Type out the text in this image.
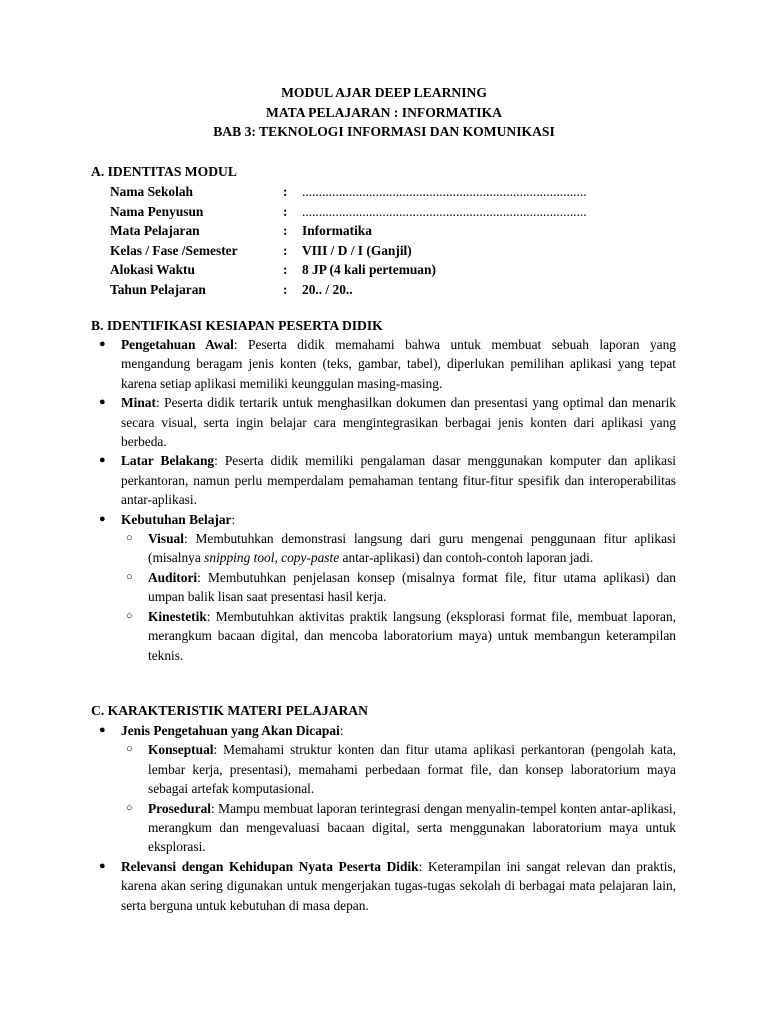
MODUL AJAR DEEP LEARNING
MATA PELAJARAN : INFORMATIKA
BAB 3: TEKNOLOGI INFORMASI DAN KOMUNIKASI
A. IDENTITAS MODUL
Nama Sekolah	: .....................................................................................
Nama Penyusun	: .....................................................................................
Mata Pelajaran	: Informatika
Kelas / Fase /Semester	: VIII / D / I (Ganjil)
Alokasi Waktu	: 8 JP (4 kali pertemuan)
Tahun Pelajaran	: 20.. / 20..
B. IDENTIFIKASI KESIAPAN PESERTA DIDIK
● Pengetahuan Awal: Peserta didik memahami bahwa untuk membuat sebuah laporan yang mengandung beragam jenis konten (teks, gambar, tabel), diperlukan pemilihan aplikasi yang tepat karena setiap aplikasi memiliki keunggulan masing-masing.
● Minat: Peserta didik tertarik untuk menghasilkan dokumen dan presentasi yang optimal dan menarik secara visual, serta ingin belajar cara mengintegrasikan berbagai jenis konten dari aplikasi yang berbeda.
● Latar Belakang: Peserta didik memiliki pengalaman dasar menggunakan komputer dan aplikasi perkantoran, namun perlu memperdalam pemahaman tentang fitur-fitur spesifik dan interoperabilitas antar-aplikasi.
● Kebutuhan Belajar:
○ Visual: Membutuhkan demonstrasi langsung dari guru mengenai penggunaan fitur aplikasi (misalnya snipping tool, copy-paste antar-aplikasi) dan contoh-contoh laporan jadi.
○ Auditori: Membutuhkan penjelasan konsep (misalnya format file, fitur utama aplikasi) dan umpan balik lisan saat presentasi hasil kerja.
○ Kinestetik: Membutuhkan aktivitas praktik langsung (eksplorasi format file, membuat laporan, merangkum bacaan digital, dan mencoba laboratorium maya) untuk membangun keterampilan teknis.
C. KARAKTERISTIK MATERI PELAJARAN
● Jenis Pengetahuan yang Akan Dicapai:
○ Konseptual: Memahami struktur konten dan fitur utama aplikasi perkantoran (pengolah kata, lembar kerja, presentasi), memahami perbedaan format file, dan konsep laboratorium maya sebagai artefak komputasional.
○ Prosedural: Mampu membuat laporan terintegrasi dengan menyalin-tempel konten antar-aplikasi, merangkum dan mengevaluasi bacaan digital, serta menggunakan laboratorium maya untuk eksplorasi.
● Relevansi dengan Kehidupan Nyata Peserta Didik: Keterampilan ini sangat relevan dan praktis, karena akan sering digunakan untuk mengerjakan tugas-tugas sekolah di berbagai mata pelajaran lain, serta berguna untuk kebutuhan di masa depan.
